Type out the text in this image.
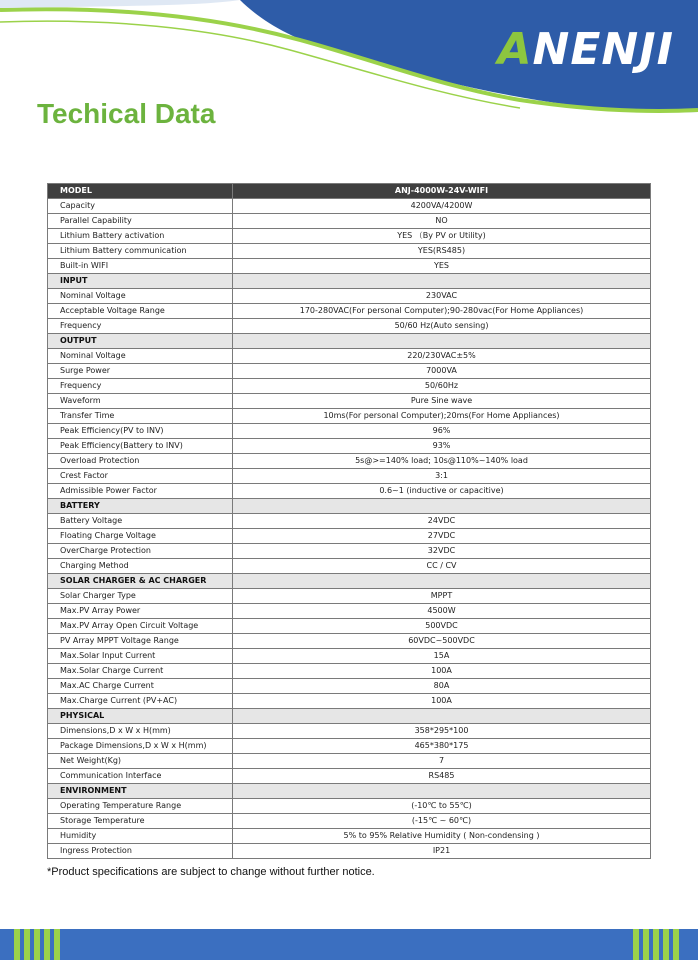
ANENJI
Techical Data
MODEL	ANJ-4000W-24V-WIFI
Capacity	4200VA/4200W
Parallel Capability	NO
Lithium Battery activation	YES （By PV or Utility)
Lithium Battery communication	YES(RS485)
Built-in WIFI	YES
INPUT	
Nominal Voltage	230VAC
Acceptable Voltage Range	170-280VAC(For personal Computer);90-280vac(For Home Appliances)
Frequency	50/60 Hz(Auto sensing)
OUTPUT	
Nominal Voltage	220/230VAC±5%
Surge Power	7000VA
Frequency	50/60Hz
Waveform	Pure Sine wave
Transfer Time	10ms(For personal Computer);20ms(For Home Appliances)
Peak Efficiency(PV to INV)	96%
Peak Efficiency(Battery to INV)	93%
Overload Protection	5s@>=140% load; 10s@110%~140% load
Crest Factor	3:1
Admissible Power Factor	0.6~1 (inductive or capacitive)
BATTERY	
Battery Voltage	24VDC
Floating Charge Voltage	27VDC
OverCharge Protection	32VDC
Charging Method	CC / CV
SOLAR CHARGER & AC CHARGER	
Solar Charger Type	MPPT
Max.PV Array Power	4500W
Max.PV Array Open Circuit Voltage	500VDC
PV Array MPPT Voltage Range	60VDC~500VDC
Max.Solar Input Current	15A
Max.Solar Charge Current	100A
Max.AC Charge Current	80A
Max.Charge Current (PV+AC)	100A
PHYSICAL	
Dimensions,D x W x H(mm)	358*295*100
Package Dimensions,D x W x H(mm)	465*380*175
Net Weight(Kg)	7
Communication Interface	RS485
ENVIRONMENT	
Operating Temperature Range	(-10℃ to 55℃)
Storage Temperature	(-15℃ ~ 60℃)
Humidity	5% to 95% Relative Humidity ( Non-condensing )
Ingress Protection	IP21
*Product specifications are subject to change without further notice.
